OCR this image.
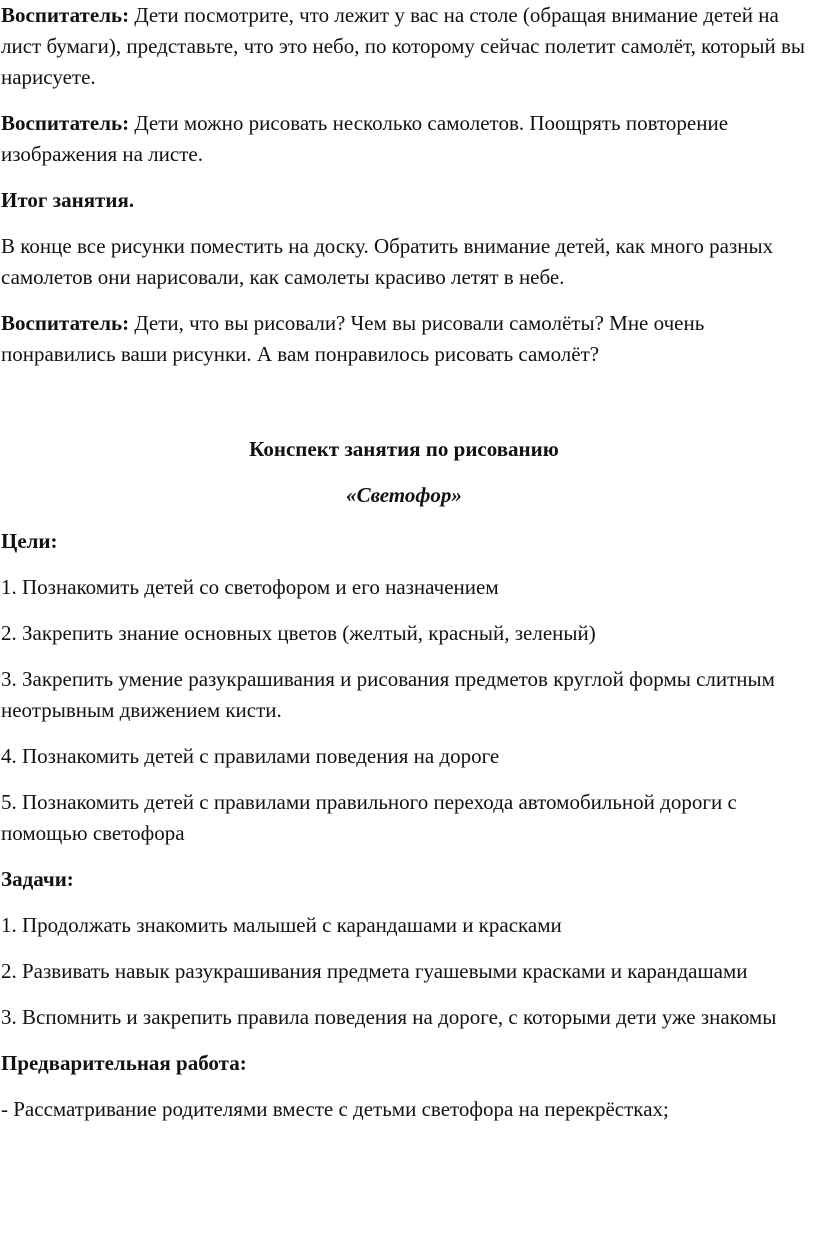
Воспитатель: Дети посмотрите, что лежит у вас на столе (обращая внимание детей на лист бумаги), представьте, что это небо, по которому сейчас полетит самолёт, который вы нарисуете.

Воспитатель: Дети можно рисовать несколько самолетов. Поощрять повторение изображения на листе.

Итог занятия.

В конце все рисунки поместить на доску. Обратить внимание детей, как много разных самолетов они нарисовали, как самолеты красиво летят в небе.

Воспитатель: Дети, что вы рисовали? Чем вы рисовали самолёты? Мне очень понравились ваши рисунки. А вам понравилось рисовать самолёт?

Конспект занятия по рисованию

«Светофор»

Цели:

1. Познакомить детей со светофором и его назначением

2. Закрепить знание основных цветов (желтый, красный, зеленый)

3. Закрепить умение разукрашивания и рисования предметов круглой формы слитным неотрывным движением кисти.

4. Познакомить детей с правилами поведения на дороге

5. Познакомить детей с правилами правильного перехода автомобильной дороги с помощью светофора

Задачи:

1. Продолжать знакомить малышей с карандашами и красками

2. Развивать навык разукрашивания предмета гуашевыми красками и карандашами

3. Вспомнить и закрепить правила поведения на дороге, с которыми дети уже знакомы

Предварительная работа:

- Рассматривание родителями вместе с детьми светофора на перекрёстках;
